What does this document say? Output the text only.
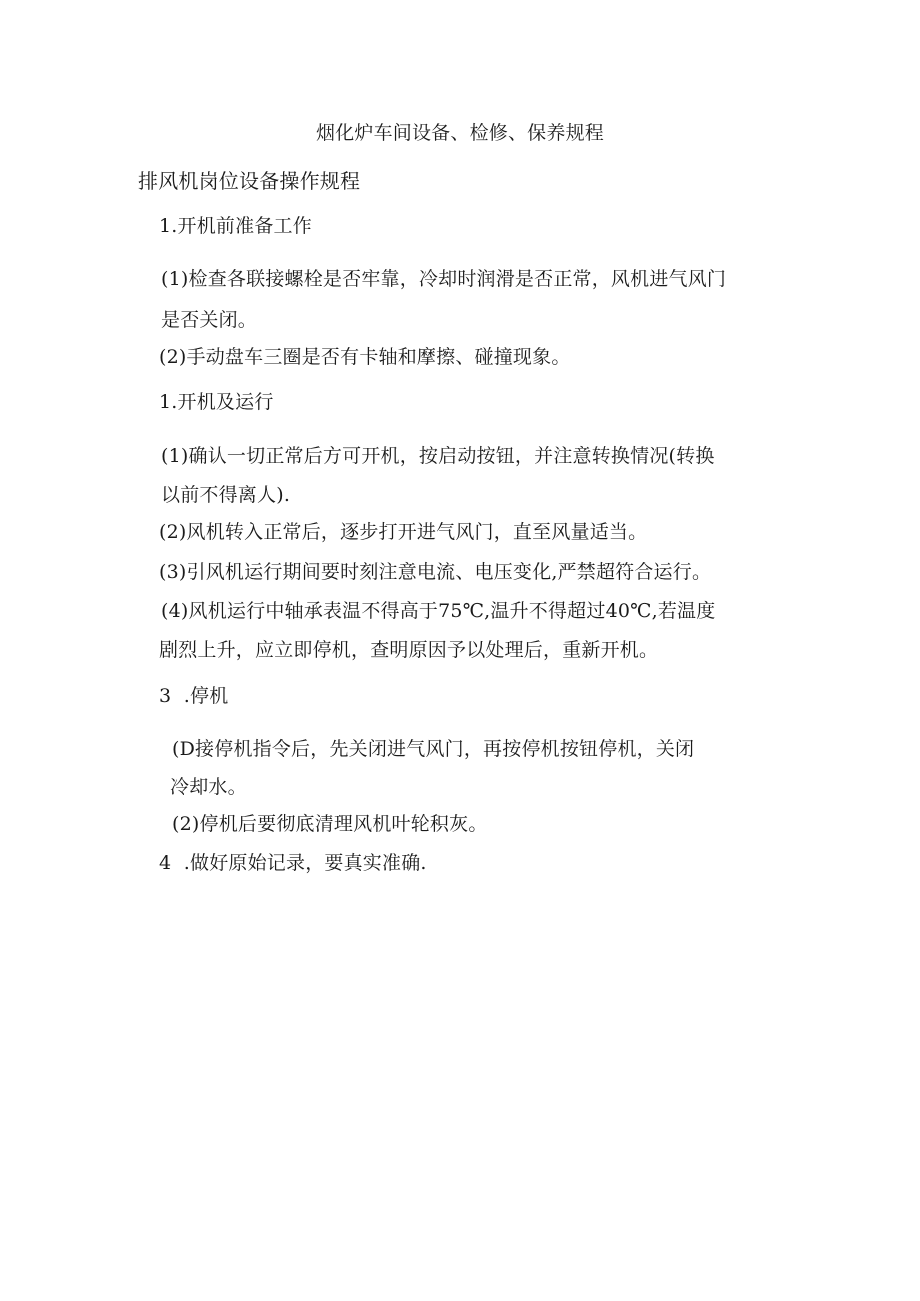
烟化炉车间设备、检修、保养规程
排风机岗位设备操作规程
1.开机前准备工作
(1)检查各联接螺栓是否牢靠，冷却时润滑是否正常，风机进气风门
是否关闭。
(2)手动盘车三圈是否有卡轴和摩擦、碰撞现象。
1.开机及运行
(1)确认一切正常后方可开机，按启动按钮，并注意转换情况(转换
以前不得离人).
(2)风机转入正常后，逐步打开进气风门，直至风量适当。
(3)引风机运行期间要时刻注意电流、电压变化,严禁超符合运行。
(4)风机运行中轴承表温不得高于75℃,温升不得超过40℃,若温度
剧烈上升，应立即停机，查明原因予以处理后，重新开机。
3  .停机
(D接停机指令后，先关闭进气风门，再按停机按钮停机，关闭
冷却水。
(2)停机后要彻底清理风机叶轮积灰。
4  .做好原始记录，要真实准确.
